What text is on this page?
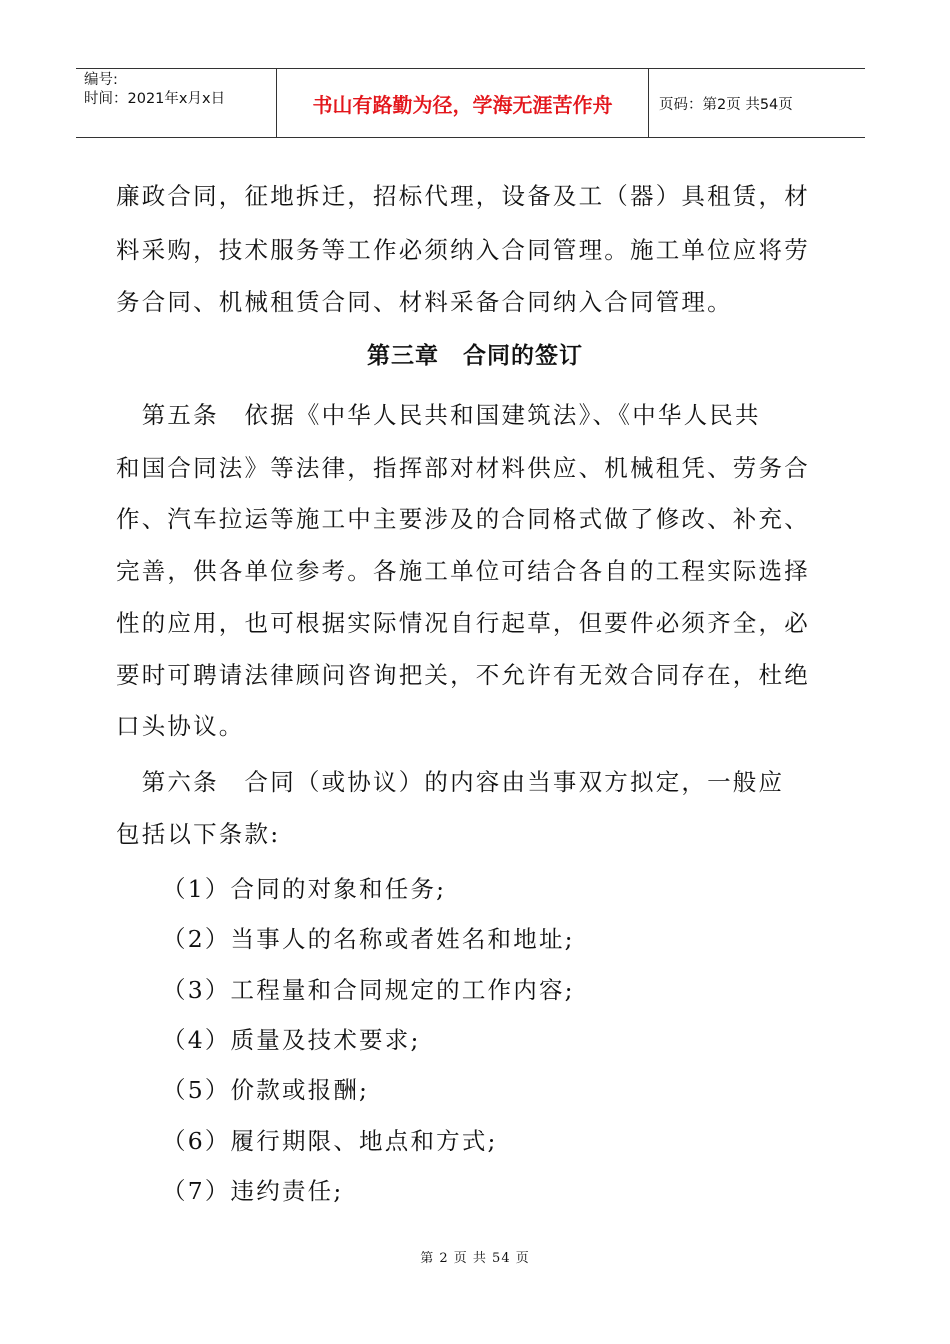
编号:
时间：2021年x月x日	书山有路勤为径，学海无涯苦作舟	页码：第2页 共54页
廉政合同，征地拆迁，招标代理，设备及工（器）具租赁，材
料采购，技术服务等工作必须纳入合同管理。施工单位应将劳
务合同、机械租赁合同、材料采备合同纳入合同管理。
　第五条　依据《中华人民共和国建筑法》、《中华人民共
和国合同法》等法律，指挥部对材料供应、机械租凭、劳务合
作、汽车拉运等施工中主要涉及的合同格式做了修改、补充、
完善，供各单位参考。各施工单位可结合各自的工程实际选择
性的应用，也可根据实际情况自行起草，但要件必须齐全，必
要时可聘请法律顾问咨询把关，不允许有无效合同存在，杜绝
口头协议。
　第六条　合同（或协议）的内容由当事双方拟定，一般应
包括以下条款:
（1）合同的对象和任务;
（2）当事人的名称或者姓名和地址;
（3）工程量和合同规定的工作内容;
（4）质量及技术要求;
（5）价款或报酬;
（6）履行期限、地点和方式;
（7）违约责任;
第三章　合同的签订
第 2 页 共 54 页
